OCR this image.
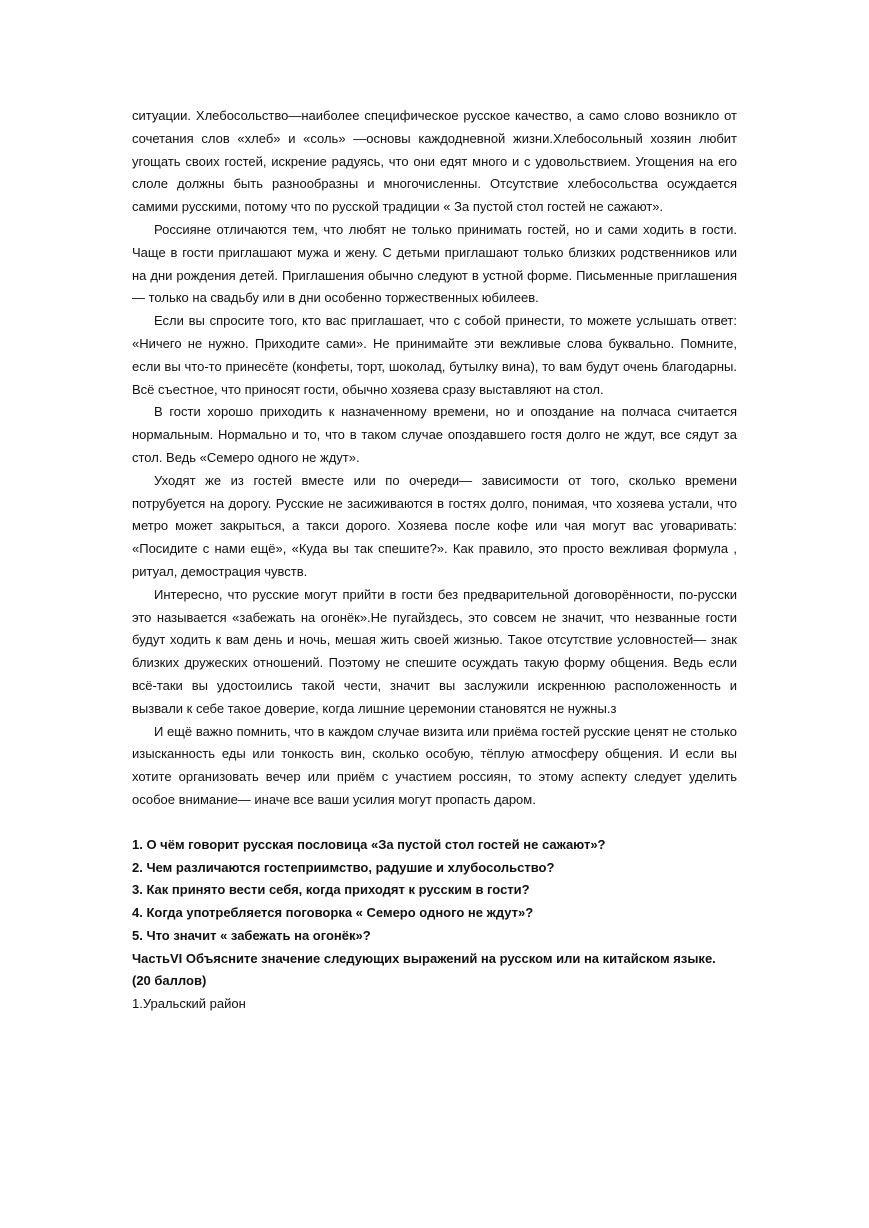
ситуации. Хлебосольство—наиболее специфическое русское качество, а само слово возникло от сочетания слов «хлеб» и «соль» —основы каждодневной жизни.Хлебосольный хозяин любит угощать своих гостей, искрение радуясь, что они едят много и с удовольствием. Угощения на его слоле должны быть разнообразны и многочисленны. Отсутствие хлебосольства осуждается самими русскими, потому что по русской традиции « За пустой стол гостей не сажают».

Россияне отличаются тем, что любят не только принимать гостей, но и сами ходить в гости. Чаще в гости приглашают мужа и жену. С детьми приглашают только близких родственников или на дни рождения детей. Приглашения обычно следуют в устной форме. Письменные приглашения— только на свадьбу или в дни особенно торжественных юбилеев.

Если вы спросите того, кто вас приглашает, что с собой принести, то можете услышать ответ: «Ничего не нужно. Приходите сами». Не принимайте эти вежливые слова буквально. Помните, если вы что-то принесёте (конфеты, торт, шоколад, бутылку вина), то вам будут очень благодарны. Всё съестное, что приносят гости, обычно хозяева сразу выставляют на стол.

В гости хорошо приходить к назначенному времени, но и опоздание на полчаса считается нормальным. Нормально и то, что в таком случае опоздавшего гостя долго не ждут, все сядут за стол. Ведь «Семеро одного не ждут».

Уходят же из гостей вместе или по очереди— зависимости от того, сколько времени потрубуется на дорогу. Русские не засиживаются в гостях долго, понимая, что хозяева устали, что метро может закрыться, а такси дорого. Хозяева после кофе или чая могут вас уговаривать: «Посидите с нами ещё», «Куда вы так спешите?». Как правило, это просто вежливая формула , ритуал, демострация чувств.

Интересно, что русские могут прийти в гости без предварительной договорённости, по-русски это называется «забежать на огонёк».Не пугайздесь, это совсем не значит, что незванные гости будут ходить к вам день и ночь, мешая жить своей жизнью. Такое отсутствие условностей— знак близких дружеских отношений. Поэтому не спешите осуждать такую форму общения. Ведь если всё-таки вы удостоились такой чести, значит вы заслужили искреннюю расположенность и вызвали к себе такое доверие, когда лишние церемонии становятся не нужны.з

И ещё важно помнить, что в каждом случае визита или приёма гостей русские ценят не столько изысканность еды или тонкость вин, сколько особую, тёплую атмосферу общения. И если вы хотите организовать вечер или приём с участием россиян, то этому аспекту следует уделить особое внимание— иначе все ваши усилия могут пропасть даром.

1. О чём говорит русская пословица «За пустой стол гостей не сажают»?

2. Чем различаются гостеприимство, радушие и хлубосольство?

3. Как принято вести себя, когда приходят к русским в гости?

4. Когда употребляется поговорка « Семеро одного не ждут»?

5. Что значит « забежать на огонёк»?

ЧастьVI Объясните значение следующих выражений на русском или на китайском языке. (20 баллов)

1.Уральский район
